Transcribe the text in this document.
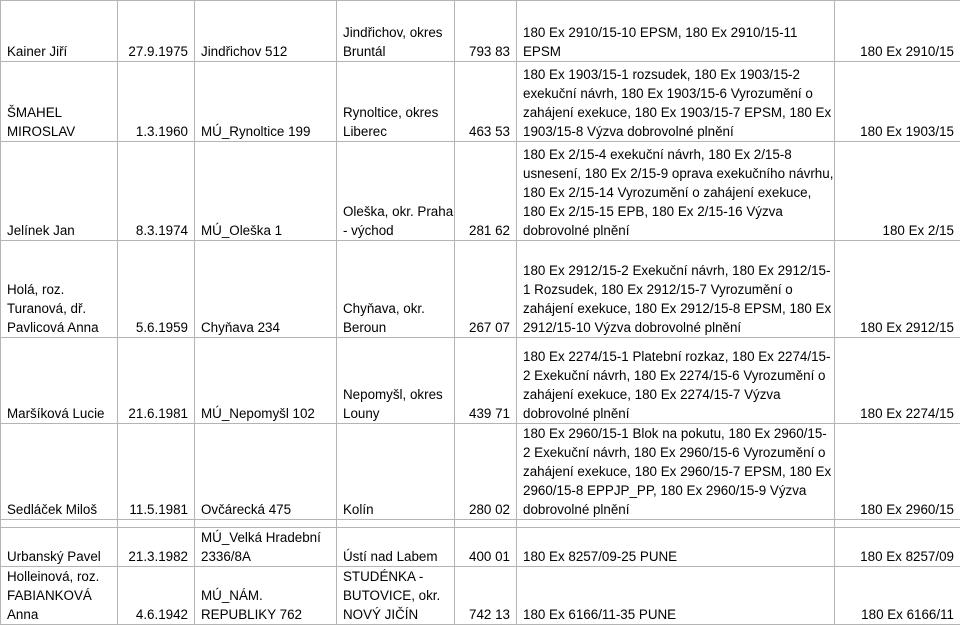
Kainer Jiří	27.9.1975	Jindřichov 512	Jindřichov, okres Bruntál	793 83	180 Ex 2910/15-10 EPSM, 180 Ex 2910/15-11 EPSM	180 Ex 2910/15
ŠMAHEL MIROSLAV	1.3.1960	MÚ_Rynoltice 199	Rynoltice, okres Liberec	463 53	180 Ex 1903/15-1 rozsudek, 180 Ex 1903/15-2 exekuční návrh, 180 Ex 1903/15-6 Vyrozumění o zahájení exekuce, 180 Ex 1903/15-7 EPSM, 180 Ex 1903/15-8 Výzva dobrovolné plnění	180 Ex 1903/15
Jelínek Jan	8.3.1974	MÚ_Oleška 1	Oleška, okr. Praha - východ	281 62	180 Ex 2/15-4 exekuční návrh, 180 Ex 2/15-8 usnesení, 180 Ex 2/15-9 oprava exekučního návrhu, 180 Ex 2/15-14 Vyrozumění o zahájení exekuce, 180 Ex 2/15-15 EPB, 180 Ex 2/15-16 Výzva dobrovolné plnění	180 Ex 2/15
Holá, roz. Turanová, dř. Pavlicová Anna	5.6.1959	Chyňava 234	Chyňava, okr. Beroun	267 07	180 Ex 2912/15-2 Exekuční návrh, 180 Ex 2912/15-1 Rozsudek, 180 Ex 2912/15-7 Vyrozumění o zahájení exekuce, 180 Ex 2912/15-8 EPSM, 180 Ex 2912/15-10 Výzva dobrovolné plnění	180 Ex 2912/15
Maršíková Lucie	21.6.1981	MÚ_Nepomyšl 102	Nepomyšl, okres Louny	439 71	180 Ex 2274/15-1 Platební rozkaz, 180 Ex 2274/15-2 Exekuční návrh, 180 Ex 2274/15-6 Vyrozumění o zahájení exekuce, 180 Ex 2274/15-7 Výzva dobrovolné plnění	180 Ex 2274/15
Sedláček Miloš	11.5.1981	Ovčárecká 475	Kolín	280 02	180 Ex 2960/15-1 Blok na pokutu, 180 Ex 2960/15-2 Exekuční návrh, 180 Ex 2960/15-6 Vyrozumění o zahájení exekuce, 180 Ex 2960/15-7 EPSM, 180 Ex 2960/15-8 EPPJP_PP, 180 Ex 2960/15-9 Výzva dobrovolné plnění	180 Ex 2960/15

Urbanský Pavel	21.3.1982	MÚ_Velká Hradební 2336/8A	Ústí nad Labem	400 01	180 Ex 8257/09-25 PUNE	180 Ex 8257/09
Holleinová, roz. FABIANKOVÁ Anna	4.6.1942	MÚ_NÁM. REPUBLIKY 762	STUDÉNKA - BUTOVICE, okr. NOVÝ JIČÍN	742 13	180 Ex 6166/11-35 PUNE	180 Ex 6166/11
